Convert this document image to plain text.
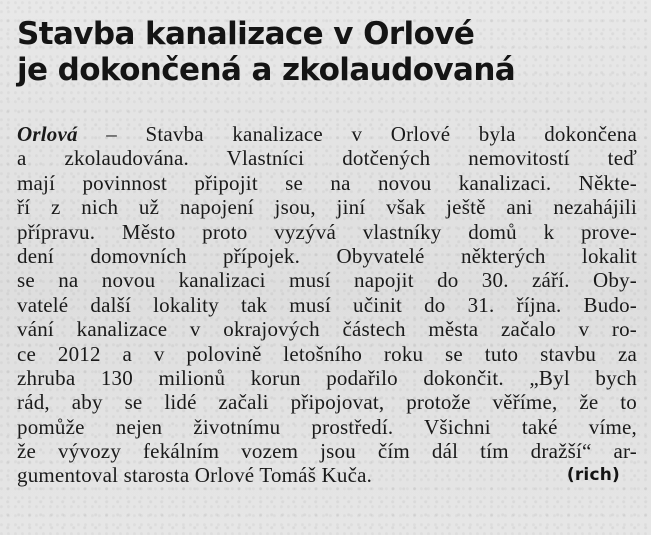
Stavba kanalizace v Orlové
je dokončená a zkolaudovaná
Orlová – Stavba kanalizace v Orlové byla dokončena
a zkolaudována. Vlastníci dotčených nemovitostí teď
mají povinnost připojit se na novou kanalizaci. Někte-
ří z nich už napojení jsou, jiní však ještě ani nezahájili
přípravu. Město proto vyzývá vlastníky domů k prove-
dení domovních přípojek. Obyvatelé některých lokalit
se na novou kanalizaci musí napojit do 30. září. Oby-
vatelé další lokality tak musí učinit do 31. října. Budo-
vání kanalizace v okrajových částech města začalo v ro-
ce 2012 a v polovině letošního roku se tuto stavbu za
zhruba 130 milionů korun podařilo dokončit. „Byl bych
rád, aby se lidé začali připojovat, protože věříme, že to
pomůže nejen životnímu prostředí. Všichni také víme,
že vývozy fekálním vozem jsou čím dál tím dražší“ ar-
gumentoval starosta Orlové Tomáš Kuča.	(rich)
